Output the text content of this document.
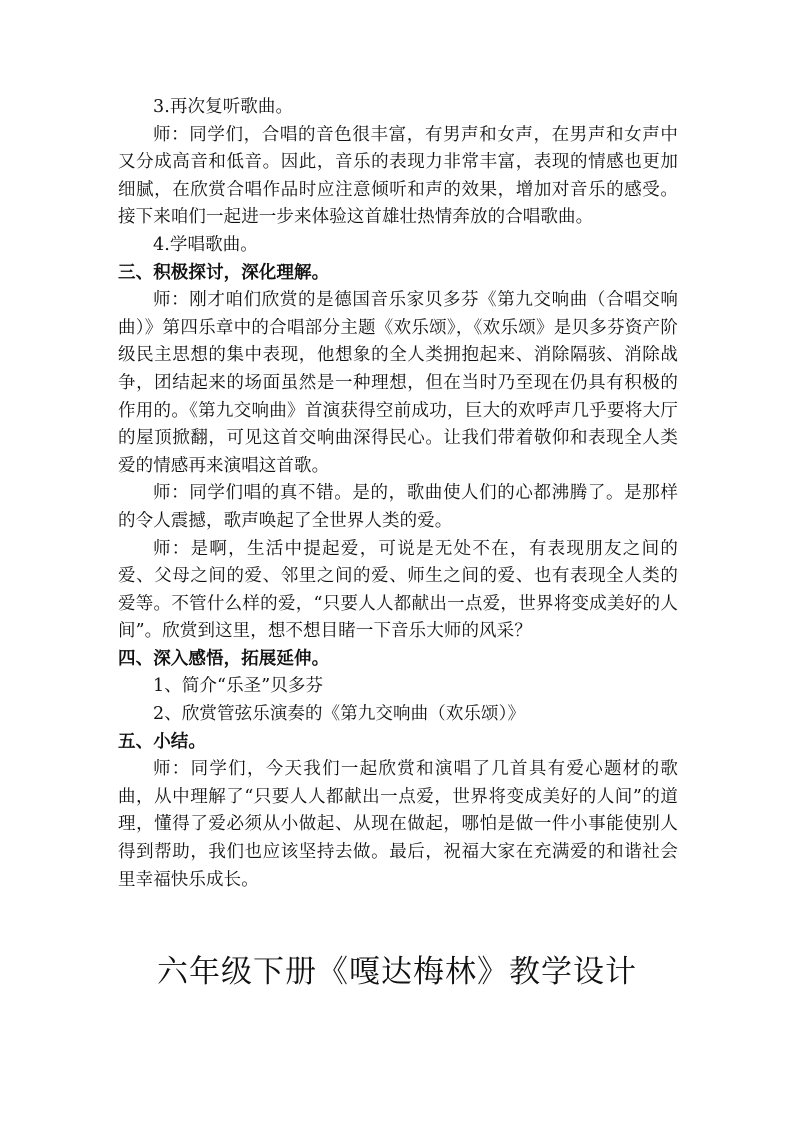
3.再次复听歌曲。

师：同学们，合唱的音色很丰富，有男声和女声，在男声和女声中又分成高音和低音。因此，音乐的表现力非常丰富，表现的情感也更加细腻，在欣赏合唱作品时应注意倾听和声的效果，增加对音乐的感受。接下来咱们一起进一步来体验这首雄壮热情奔放的合唱歌曲。

4.学唱歌曲。

三、积极探讨，深化理解。

师：刚才咱们欣赏的是德国音乐家贝多芬《第九交响曲（合唱交响曲）》第四乐章中的合唱部分主题《欢乐颂》，《欢乐颂》是贝多芬资产阶级民主思想的集中表现，他想象的全人类拥抱起来、消除隔骇、消除战争，团结起来的场面虽然是一种理想，但在当时乃至现在仍具有积极的作用的。《第九交响曲》首演获得空前成功，巨大的欢呼声几乎要将大厅的屋顶掀翻，可见这首交响曲深得民心。让我们带着敬仰和表现全人类爱的情感再来演唱这首歌。

师：同学们唱的真不错。是的，歌曲使人们的心都沸腾了。是那样的令人震撼，歌声唤起了全世界人类的爱。

师：是啊，生活中提起爱，可说是无处不在，有表现朋友之间的爱、父母之间的爱、邻里之间的爱、师生之间的爱、也有表现全人类的爱等。不管什么样的爱，“只要人人都献出一点爱，世界将变成美好的人间”。欣赏到这里，想不想目睹一下音乐大师的风采？

四、深入感悟，拓展延伸。

1、简介“乐圣”贝多芬

2、欣赏管弦乐演奏的《第九交响曲（欢乐颂）》

五、小结。

师：同学们，今天我们一起欣赏和演唱了几首具有爱心题材的歌曲，从中理解了“只要人人都献出一点爱，世界将变成美好的人间”的道理，懂得了爱必须从小做起、从现在做起，哪怕是做一件小事能使别人得到帮助，我们也应该坚持去做。最后，祝福大家在充满爱的和谐社会里幸福快乐成长。

六年级下册《嘎达梅林》教学设计
